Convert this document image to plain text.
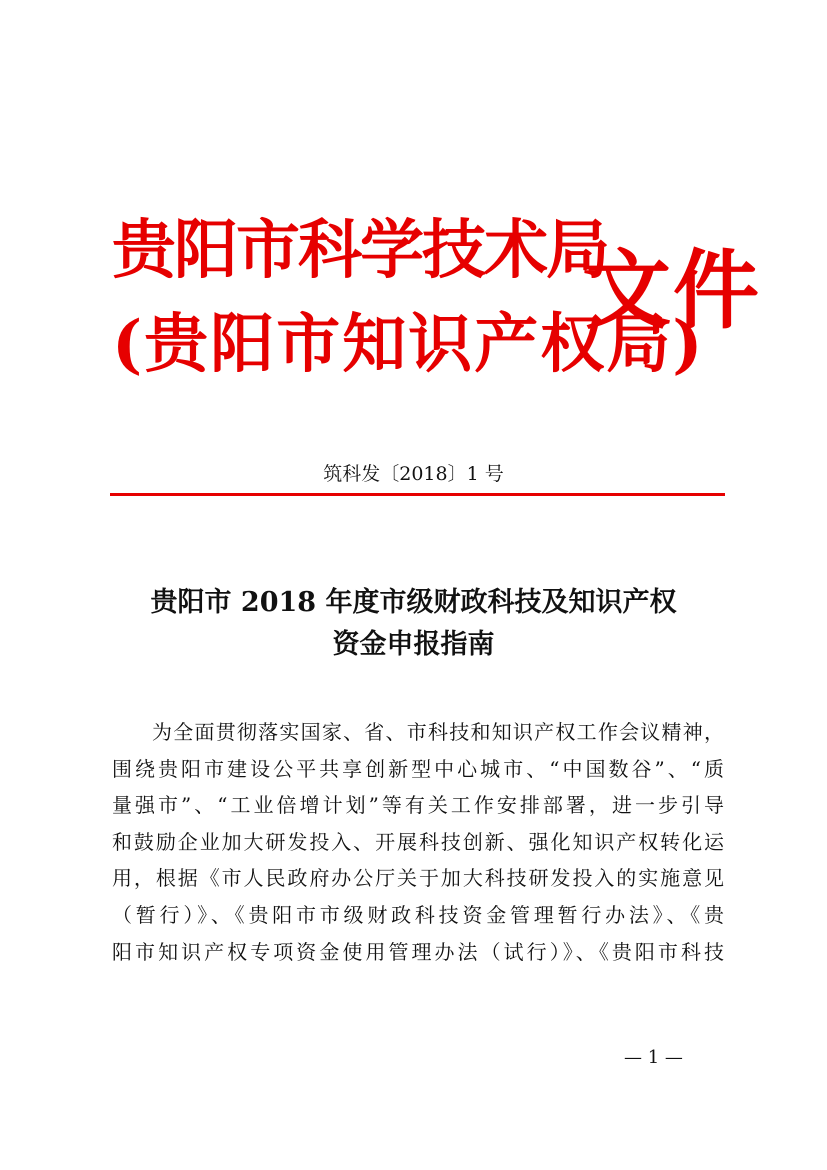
贵阳市科学技术局
(贵阳市知识产权局)
文件
筑科发〔2018〕1 号
贵阳市 2018 年度市级财政科技及知识产权
资金申报指南
为全面贯彻落实国家、省、市科技和知识产权工作会议精神，
围绕贵阳市建设公平共享创新型中心城市、“中国数谷”、“质
量强市”、“工业倍增计划”等有关工作安排部署，进一步引导
和鼓励企业加大研发投入、开展科技创新、强化知识产权转化运
用，根据《市人民政府办公厅关于加大科技研发投入的实施意见
（暂行）》、《贵阳市市级财政科技资金管理暂行办法》、《贵
阳市知识产权专项资金使用管理办法（试行）》、《贵阳市科技
— 1 —
